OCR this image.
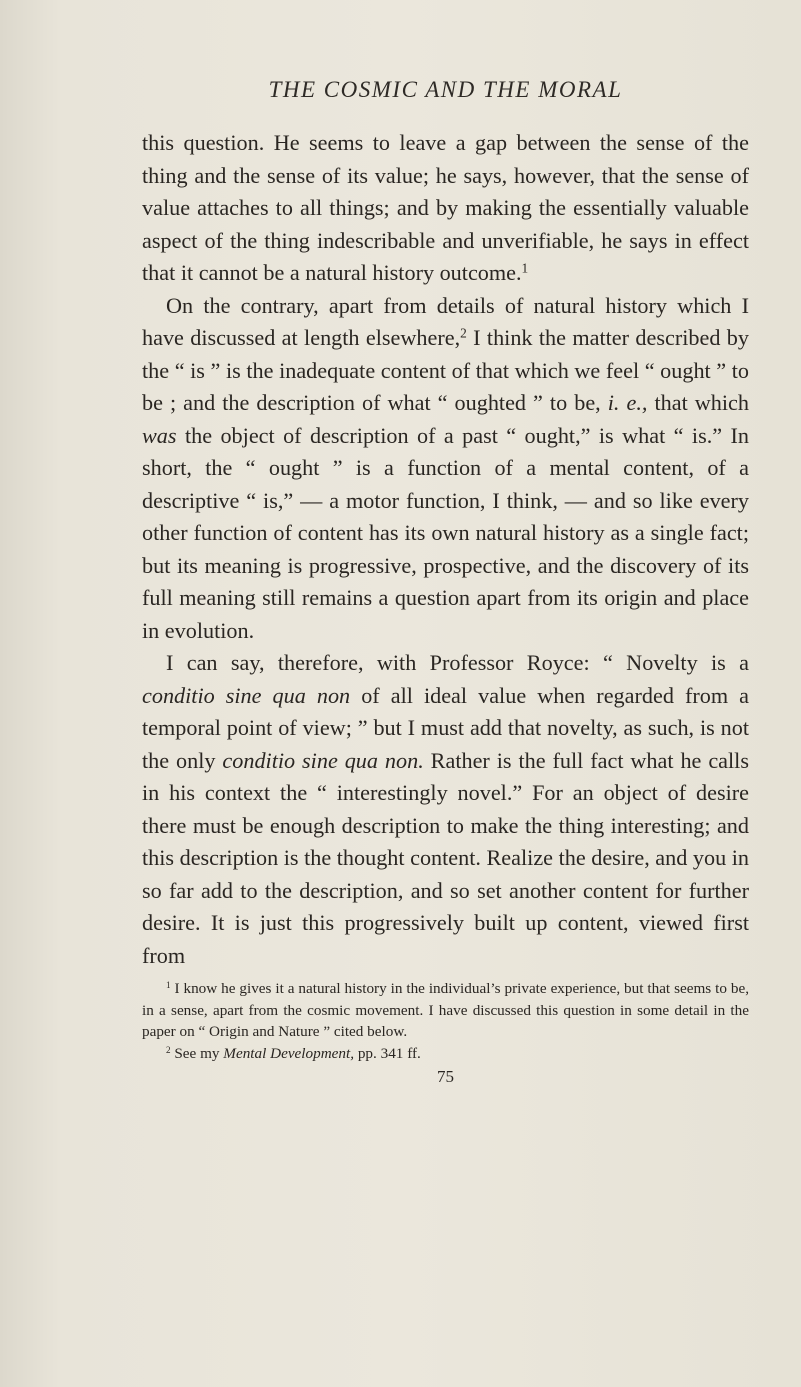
THE COSMIC AND THE MORAL

this question. He seems to leave a gap between the sense of the thing and the sense of its value; he says, however, that the sense of value attaches to all things; and by making the essentially valuable aspect of the thing indescribable and unverifiable, he says in effect that it cannot be a natural history outcome.$^1$

On the contrary, apart from details of natural history which I have discussed at length elsewhere,$^2$ I think the matter described by the “ is ” is the inadequate content of that which we feel “ ought ” to be ; and the description of what “ oughted ” to be, i. e., that which was the object of description of a past “ ought,” is what “ is.” In short, the “ ought ” is a function of a mental content, of a descriptive “ is,” — a motor function, I think, — and so like every other function of content has its own natural history as a single fact; but its meaning is progressive, prospective, and the discovery of its full meaning still remains a question apart from its origin and place in evolution.

I can say, therefore, with Professor Royce: “ Novelty is a conditio sine qua non of all ideal value when regarded from a temporal point of view; ” but I must add that novelty, as such, is not the only conditio sine qua non. Rather is the full fact what he calls in his context the “ interestingly novel.” For an object of desire there must be enough description to make the thing interesting; and this description is the thought content. Realize the desire, and you in so far add to the description, and so set another content for further desire. It is just this progressively built up content, viewed first from

$^1$ I know he gives it a natural history in the individual’s private experience, but that seems to be, in a sense, apart from the cosmic movement. I have discussed this question in some detail in the paper on “ Origin and Nature ” cited below.

$^2$ See my Mental Development, pp. 341 ff.

75
